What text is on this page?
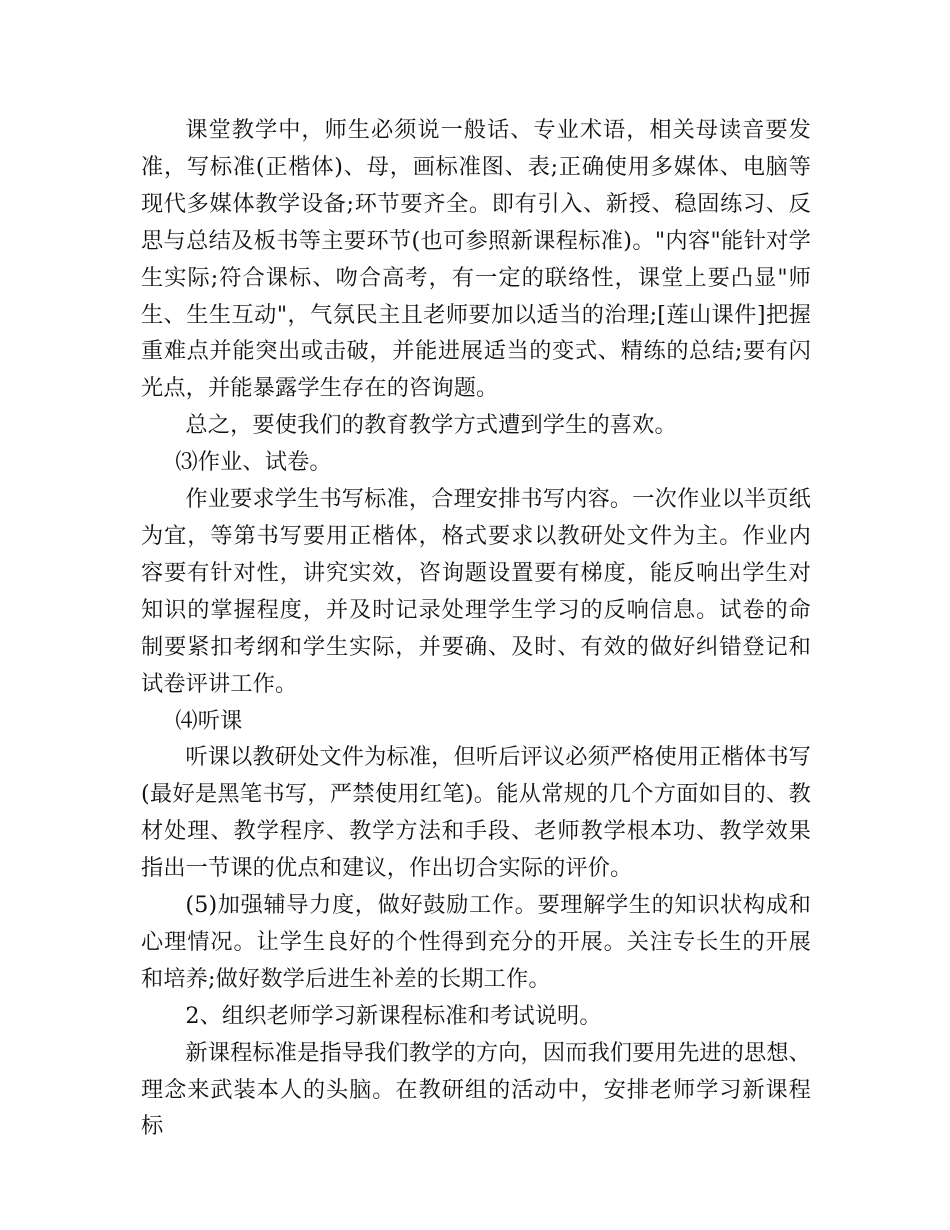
课堂教学中，师生必须说一般话、专业术语，相关母读音要发准，写标准(正楷体)、母，画标准图、表;正确使用多媒体、电脑等现代多媒体教学设备;环节要齐全。即有引入、新授、稳固练习、反思与总结及板书等主要环节(也可参照新课程标准)。"内容"能针对学生实际;符合课标、吻合高考，有一定的联络性，课堂上要凸显"师生、生生互动"，气氛民主且老师要加以适当的治理;[莲山课件]把握重难点并能突出或击破，并能进展适当的变式、精练的总结;要有闪光点，并能暴露学生存在的咨询题。

总之，要使我们的教育教学方式遭到学生的喜欢。

⑶作业、试卷。

作业要求学生书写标准，合理安排书写内容。一次作业以半页纸为宜，等第书写要用正楷体，格式要求以教研处文件为主。作业内容要有针对性，讲究实效，咨询题设置要有梯度，能反响出学生对知识的掌握程度，并及时记录处理学生学习的反响信息。试卷的命制要紧扣考纲和学生实际，并要确、及时、有效的做好纠错登记和试卷评讲工作。

⑷听课

听课以教研处文件为标准，但听后评议必须严格使用正楷体书写(最好是黑笔书写，严禁使用红笔)。能从常规的几个方面如目的、教材处理、教学程序、教学方法和手段、老师教学根本功、教学效果指出一节课的优点和建议，作出切合实际的评价。

(5)加强辅导力度，做好鼓励工作。要理解学生的知识状构成和心理情况。让学生良好的个性得到充分的开展。关注专长生的开展和培养;做好数学后进生补差的长期工作。

2、组织老师学习新课程标准和考试说明。

新课程标准是指导我们教学的方向，因而我们要用先进的思想、理念来武装本人的头脑。在教研组的活动中，安排老师学习新课程标
